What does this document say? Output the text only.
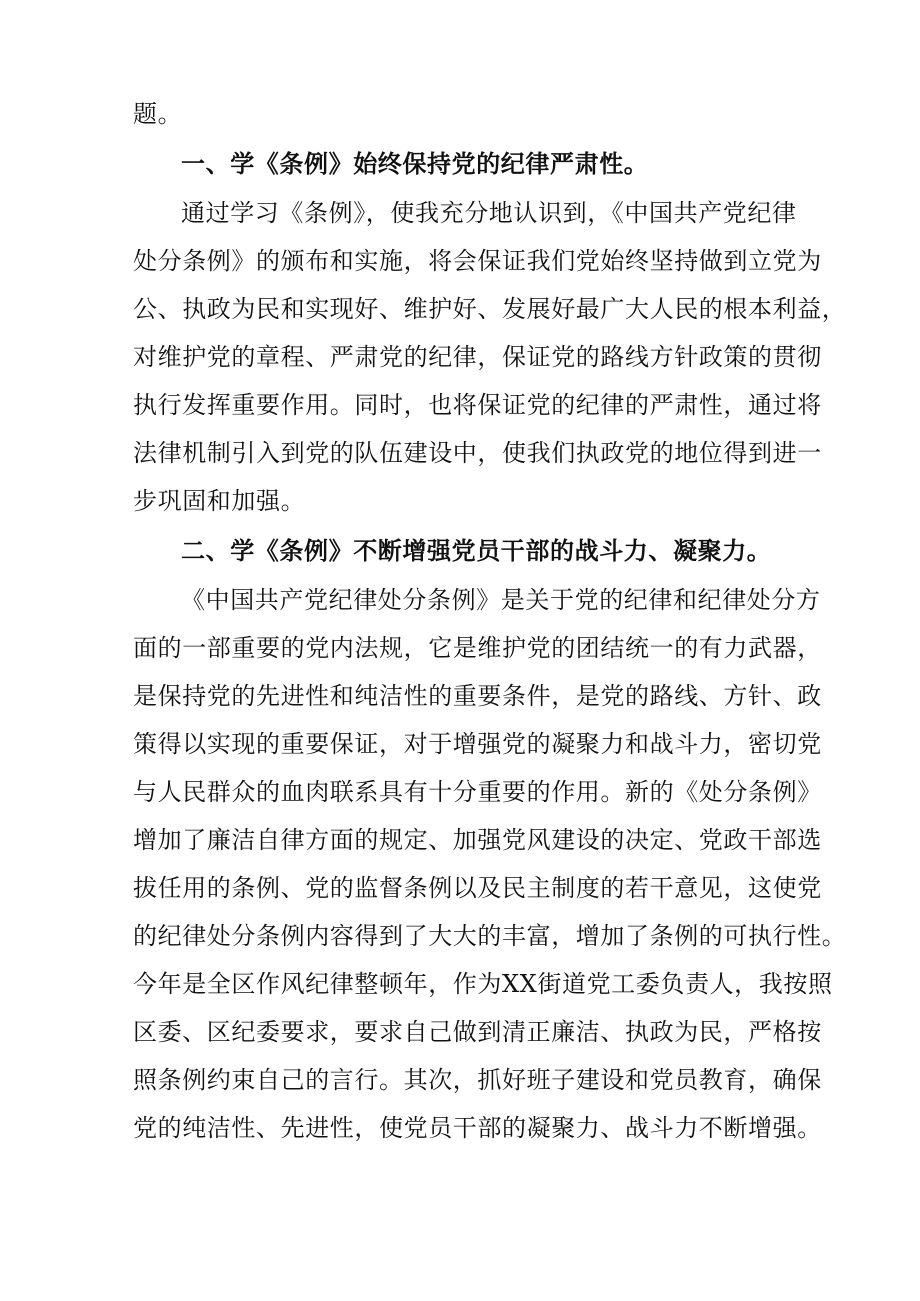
题。
一、学《条例》始终保持党的纪律严肃性。
通过学习《条例》，使我充分地认识到，《中国共产党纪律
处分条例》的颁布和实施，将会保证我们党始终坚持做到立党为
公、执政为民和实现好、维护好、发展好最广大人民的根本利益，
对维护党的章程、严肃党的纪律，保证党的路线方针政策的贯彻
执行发挥重要作用。同时，也将保证党的纪律的严肃性，通过将
法律机制引入到党的队伍建设中，使我们执政党的地位得到进一
步巩固和加强。
二、学《条例》不断增强党员干部的战斗力、凝聚力。
《中国共产党纪律处分条例》是关于党的纪律和纪律处分方
面的一部重要的党内法规，它是维护党的团结统一的有力武器，
是保持党的先进性和纯洁性的重要条件，是党的路线、方针、政
策得以实现的重要保证，对于增强党的凝聚力和战斗力，密切党
与人民群众的血肉联系具有十分重要的作用。新的《处分条例》
增加了廉洁自律方面的规定、加强党风建设的决定、党政干部选
拔任用的条例、党的监督条例以及民主制度的若干意见，这使党
的纪律处分条例内容得到了大大的丰富，增加了条例的可执行性。
今年是全区作风纪律整顿年，作为XX街道党工委负责人，我按照
区委、区纪委要求，要求自己做到清正廉洁、执政为民，严格按
照条例约束自己的言行。其次，抓好班子建设和党员教育，确保
党的纯洁性、先进性，使党员干部的凝聚力、战斗力不断增强。
